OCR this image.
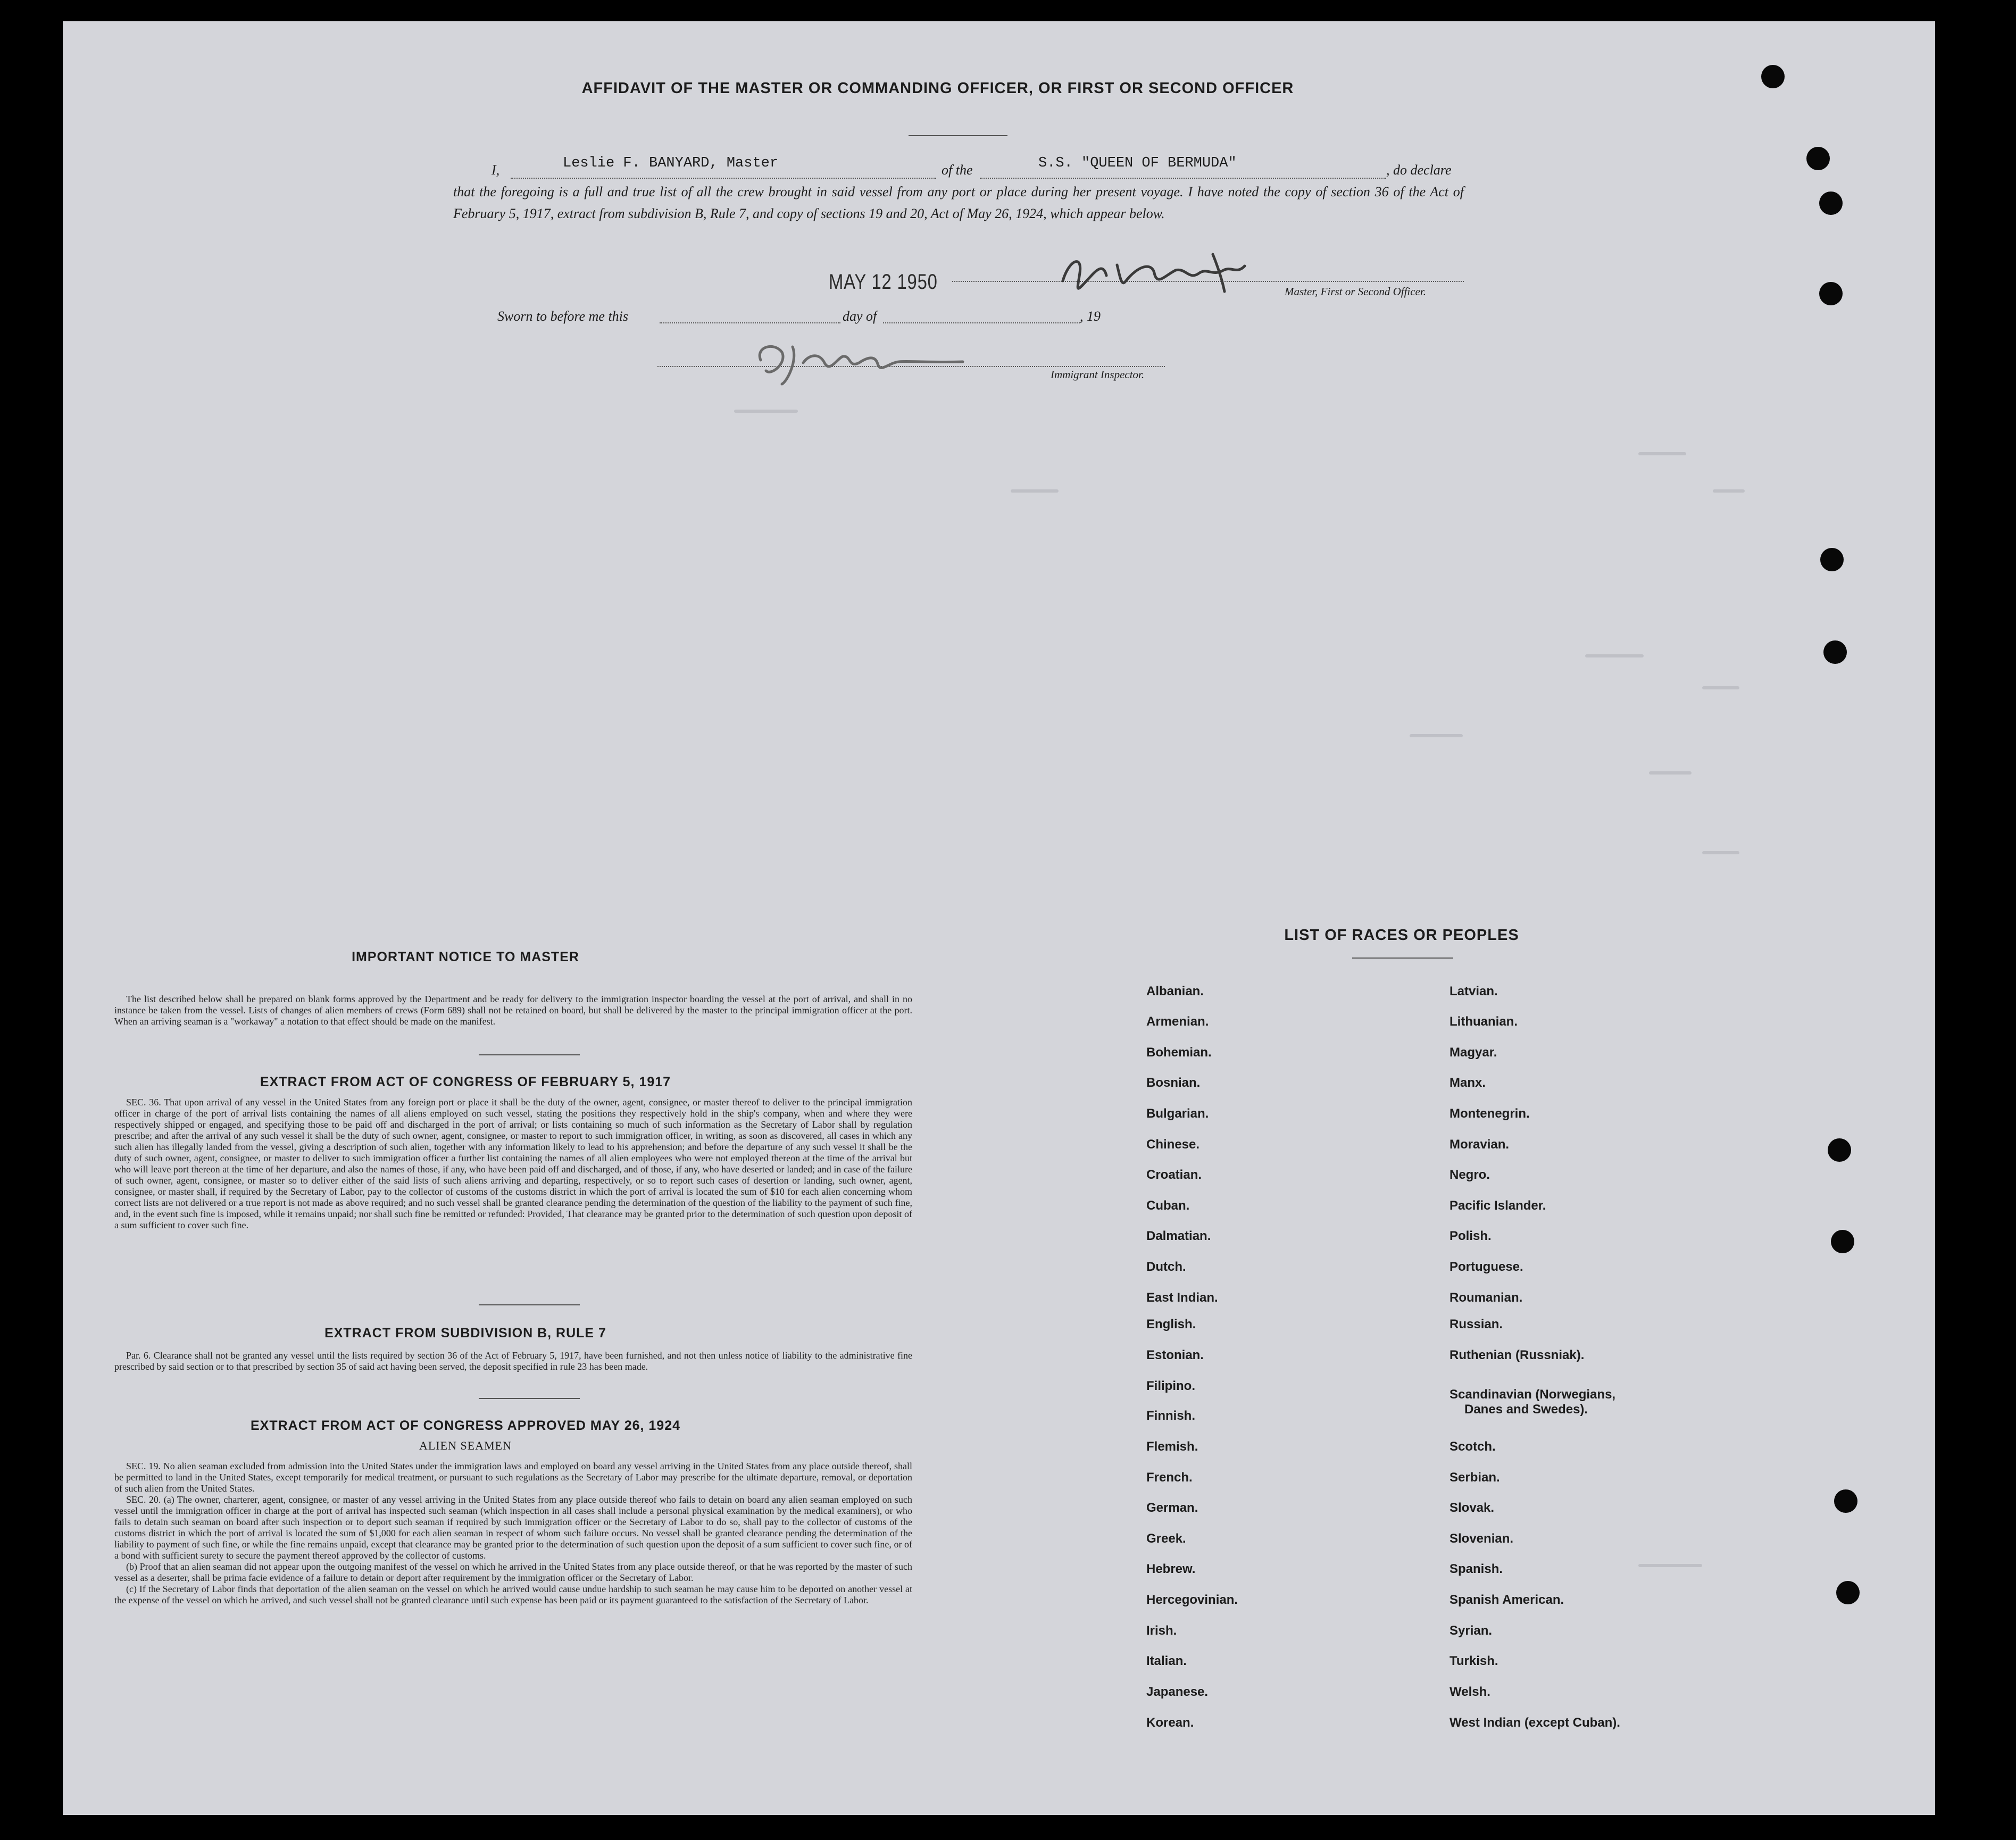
AFFIDAVIT OF THE MASTER OR COMMANDING OFFICER, OR FIRST OR SECOND OFFICER
I,	Leslie F. BANYARD, Master	of the	S.S. "QUEEN OF BERMUDA"	, do declare
that the foregoing is a full and true list of all the crew brought in said vessel from any port or place during her present voyage. I have noted the copy of section 36 of the Act of February 5, 1917, extract from subdivision B, Rule 7, and copy of sections 19 and 20, Act of May 26, 1924, which appear below.
MAY 12 1950	Master, First or Second Officer.
Sworn to before me this	day of	, 19
Immigrant Inspector.
IMPORTANT NOTICE TO MASTER
The list described below shall be prepared on blank forms approved by the Department and be ready for delivery to the immigration inspector boarding the vessel at the port of arrival, and shall in no instance be taken from the vessel. Lists of changes of alien members of crews (Form 689) shall not be retained on board, but shall be delivered by the master to the principal immigration officer at the port. When an arriving seaman is a "workaway" a notation to that effect should be made on the manifest.
EXTRACT FROM ACT OF CONGRESS OF FEBRUARY 5, 1917
SEC. 36. That upon arrival of any vessel in the United States from any foreign port or place it shall be the duty of the owner, agent, consignee, or master thereof to deliver to the principal immigration officer in charge of the port of arrival lists containing the names of all aliens employed on such vessel, stating the positions they respectively hold in the ship's company, when and where they were respectively shipped or engaged, and specifying those to be paid off and discharged in the port of arrival; or lists containing so much of such information as the Secretary of Labor shall by regulation prescribe; and after the arrival of any such vessel it shall be the duty of such owner, agent, consignee, or master to report to such immigration officer, in writing, as soon as discovered, all cases in which any such alien has illegally landed from the vessel, giving a description of such alien, together with any information likely to lead to his apprehension; and before the departure of any such vessel it shall be the duty of such owner, agent, consignee, or master to deliver to such immigration officer a further list containing the names of all alien employees who were not employed thereon at the time of the arrival but who will leave port thereon at the time of her departure, and also the names of those, if any, who have been paid off and discharged, and of those, if any, who have deserted or landed; and in case of the failure of such owner, agent, consignee, or master so to deliver either of the said lists of such aliens arriving and departing, respectively, or so to report such cases of desertion or landing, such owner, agent, consignee, or master shall, if required by the Secretary of Labor, pay to the collector of customs of the customs district in which the port of arrival is located the sum of $10 for each alien concerning whom correct lists are not delivered or a true report is not made as above required; and no such vessel shall be granted clearance pending the determination of the question of the liability to the payment of such fine, and, in the event such fine is imposed, while it remains unpaid; nor shall such fine be remitted or refunded: Provided, That clearance may be granted prior to the determination of such question upon deposit of a sum sufficient to cover such fine.
EXTRACT FROM SUBDIVISION B, RULE 7
Par. 6. Clearance shall not be granted any vessel until the lists required by section 36 of the Act of February 5, 1917, have been furnished, and not then unless notice of liability to the administrative fine prescribed by said section or to that prescribed by section 35 of said act having been served, the deposit specified in rule 23 has been made.
EXTRACT FROM ACT OF CONGRESS APPROVED MAY 26, 1924
ALIEN SEAMEN
SEC. 19. No alien seaman excluded from admission into the United States under the immigration laws and employed on board any vessel arriving in the United States from any place outside thereof, shall be permitted to land in the United States, except temporarily for medical treatment, or pursuant to such regulations as the Secretary of Labor may prescribe for the ultimate departure, removal, or deportation of such alien from the United States.
SEC. 20. (a) The owner, charterer, agent, consignee, or master of any vessel arriving in the United States from any place outside thereof who fails to detain on board any alien seaman employed on such vessel until the immigration officer in charge at the port of arrival has inspected such seaman (which inspection in all cases shall include a personal physical examination by the medical examiners), or who fails to detain such seaman on board after such inspection or to deport such seaman if required by such immigration officer or the Secretary of Labor to do so, shall pay to the collector of customs of the customs district in which the port of arrival is located the sum of $1,000 for each alien seaman in respect of whom such failure occurs. No vessel shall be granted clearance pending the determination of the liability to payment of such fine, or while the fine remains unpaid, except that clearance may be granted prior to the determination of such question upon the deposit of a sum sufficient to cover such fine, or of a bond with sufficient surety to secure the payment thereof approved by the collector of customs.
(b) Proof that an alien seaman did not appear upon the outgoing manifest of the vessel on which he arrived in the United States from any place outside thereof, or that he was reported by the master of such vessel as a deserter, shall be prima facie evidence of a failure to detain or deport after requirement by the immigration officer or the Secretary of Labor.
(c) If the Secretary of Labor finds that deportation of the alien seaman on the vessel on which he arrived would cause undue hardship to such seaman he may cause him to be deported on another vessel at the expense of the vessel on which he arrived, and such vessel shall not be granted clearance until such expense has been paid or its payment guaranteed to the satisfaction of the Secretary of Labor.
LIST OF RACES OR PEOPLES
Albanian.
Armenian.
Bohemian.
Bosnian.
Bulgarian.
Chinese.
Croatian.
Cuban.
Dalmatian.
Dutch.
East Indian.
English.
Estonian.
Filipino.
Finnish.
Flemish.
French.
German.
Greek.
Hebrew.
Hercegovinian.
Irish.
Italian.
Japanese.
Korean.
Latvian.
Lithuanian.
Magyar.
Manx.
Montenegrin.
Moravian.
Negro.
Pacific Islander.
Polish.
Portuguese.
Roumanian.
Russian.
Ruthenian (Russniak).
Scandinavian (Norwegians,
Danes and Swedes).
Scotch.
Serbian.
Slovak.
Slovenian.
Spanish.
Spanish American.
Syrian.
Turkish.
Welsh.
West Indian (except Cuban).
